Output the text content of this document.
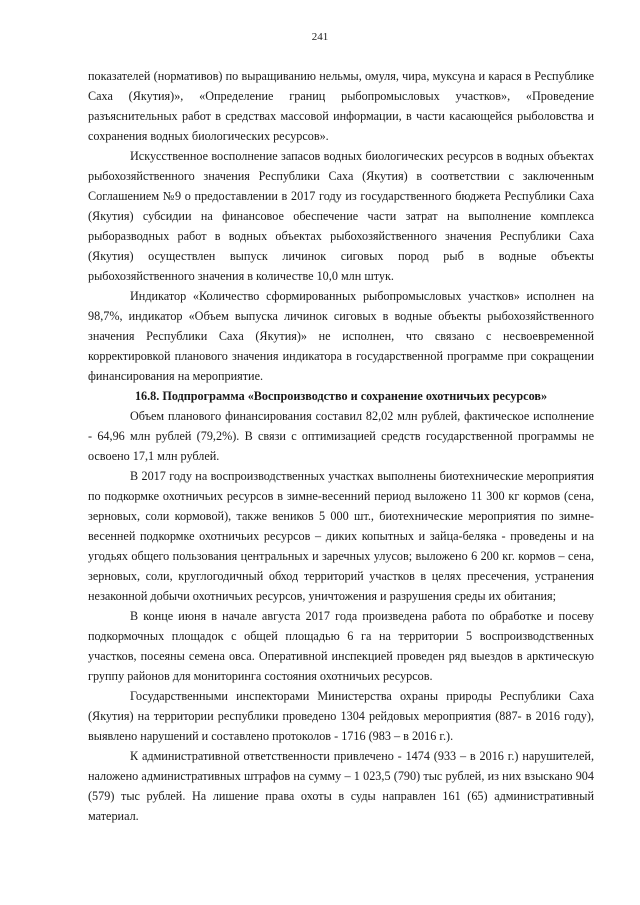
241

показателей (нормативов) по выращиванию нельмы, омуля, чира, муксуна и карася в Республике Саха (Якутия)», «Определение границ рыбопромысловых участков», «Проведение разъяснительных работ в средствах массовой информации, в части касающейся рыболовства и сохранения водных биологических ресурсов».

Искусственное восполнение запасов водных биологических ресурсов в водных объектах рыбохозяйственного значения Республики Саха (Якутия) в соответствии с заключенным Соглашением №9 о предоставлении в 2017 году из государственного бюджета Республики Саха (Якутия) субсидии на финансовое обеспечение части затрат на выполнение комплекса рыборазводных работ в водных объектах рыбохозяйственного значения Республики Саха (Якутия) осуществлен выпуск личинок сиговых пород рыб в водные объекты рыбохозяйственного значения в количестве 10,0 млн штук.

Индикатор «Количество сформированных рыбопромысловых участков» исполнен на 98,7%, индикатор «Объем выпуска личинок сиговых в водные объекты рыбохозяйственного значения Республики Саха (Якутия)» не исполнен, что связано с несвоевременной корректировкой планового значения индикатора в государственной программе при сокращении финансирования на мероприятие.

16.8. Подпрограмма «Воспроизводство и сохранение охотничьих ресурсов»

Объем планового финансирования составил 82,02 млн рублей, фактическое исполнение - 64,96 млн рублей (79,2%). В связи с оптимизацией средств государственной программы не освоено 17,1 млн рублей.

В 2017 году на воспроизводственных участках выполнены биотехнические мероприятия по подкормке охотничьих ресурсов в зимне-весенний период выложено 11 300 кг кормов (сена, зерновых, соли кормовой), также веников 5 000 шт., биотехнические мероприятия по зимне-весенней подкормке охотничьих ресурсов – диких копытных и зайца-беляка - проведены и на угодьях общего пользования центральных и заречных улусов; выложено 6 200 кг. кормов – сена, зерновых, соли, круглогодичный обход территорий участков в целях пресечения, устранения незаконной добычи охотничьих ресурсов, уничтожения и разрушения среды их обитания;

В конце июня в начале августа 2017 года произведена работа по обработке и посеву подкормочных площадок с общей площадью 6 га на территории 5 воспроизводственных участков, посеяны семена овса. Оперативной инспекцией проведен ряд выездов в арктическую группу районов для мониторинга состояния охотничьих ресурсов.

Государственными инспекторами Министерства охраны природы Республики Саха (Якутия) на территории республики проведено 1304 рейдовых мероприятия (887- в 2016 году), выявлено нарушений и составлено протоколов - 1716 (983 – в 2016 г.).

К административной ответственности привлечено - 1474 (933 – в 2016 г.) нарушителей, наложено административных штрафов на сумму – 1 023,5 (790) тыс рублей, из них взыскано 904 (579) тыс рублей. На лишение права охоты в суды направлен 161 (65) административный материал.
